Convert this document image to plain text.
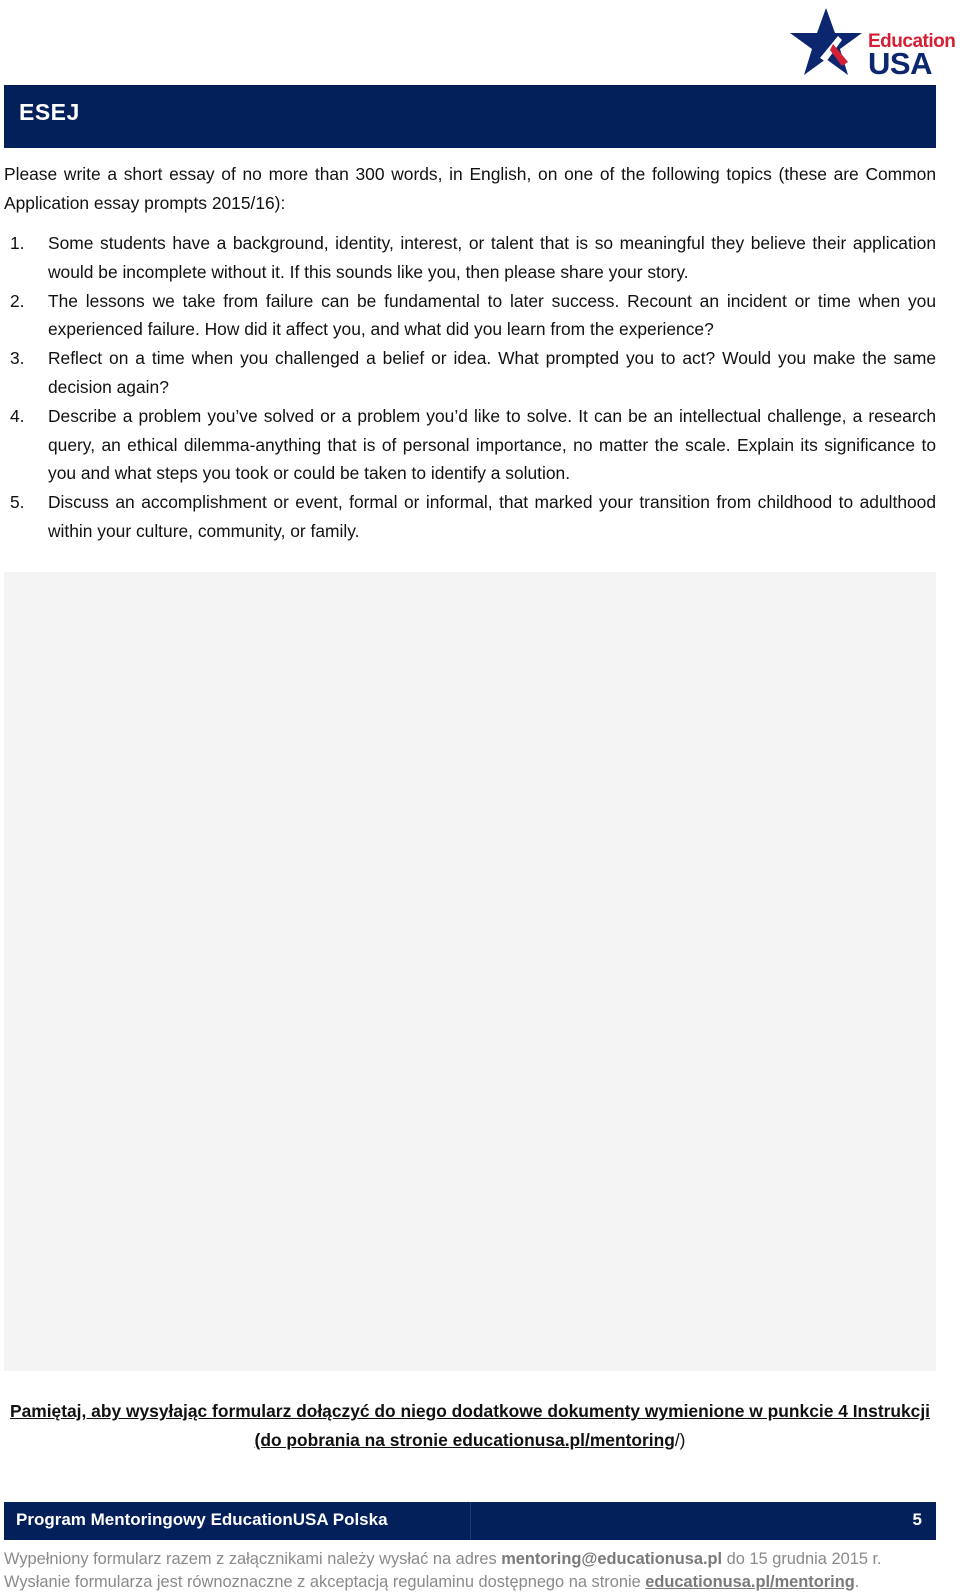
Education
USA
ESEJ

Please write a short essay of no more than 300 words, in English, on one of the following topics (these are Common Application essay prompts 2015/16):

1. Some students have a background, identity, interest, or talent that is so meaningful they believe their application would be incomplete without it. If this sounds like you, then please share your story.
2. The lessons we take from failure can be fundamental to later success. Recount an incident or time when you experienced failure. How did it affect you, and what did you learn from the experience?
3. Reflect on a time when you challenged a belief or idea. What prompted you to act? Would you make the same decision again?
4. Describe a problem you’ve solved or a problem you’d like to solve. It can be an intellectual challenge, a research query, an ethical dilemma-anything that is of personal importance, no matter the scale. Explain its significance to you and what steps you took or could be taken to identify a solution.
5. Discuss an accomplishment or event, formal or informal, that marked your transition from childhood to adulthood within your culture, community, or family.

Pamiętaj, aby wysyłając formularz dołączyć do niego dodatkowe dokumenty wymienione w punkcie 4 Instrukcji (do pobrania na stronie educationusa.pl/mentoring/)

Program Mentoringowy EducationUSA Polska	5
Wypełniony formularz razem z załącznikami należy wysłać na adres mentoring@educationusa.pl do 15 grudnia 2015 r.
Wysłanie formularza jest równoznaczne z akceptacją regulaminu dostępnego na stronie educationusa.pl/mentoring.
